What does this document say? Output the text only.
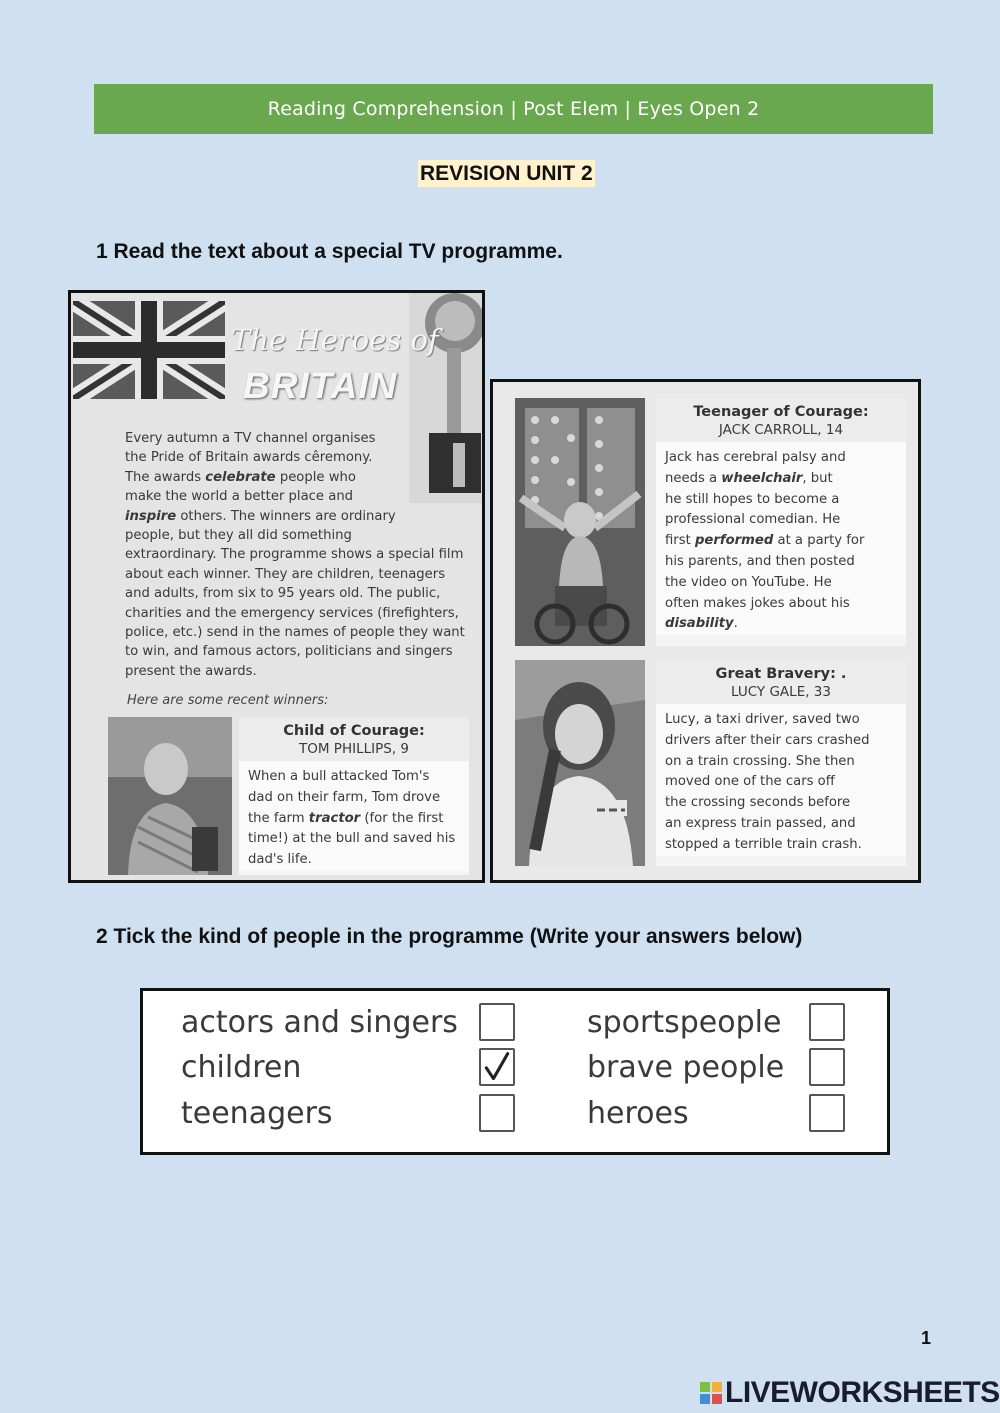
Reading Comprehension | Post Elem | Eyes Open 2
REVISION UNIT 2
1 Read the text about a special TV programme.
The Heroes of
BRITAIN
Every autumn a TV channel organises
the Pride of Britain awards cêremony.
The awards celebrate people who
make the world a better place and
inspire others. The winners are ordinary
people, but they all did something
extraordinary. The programme shows a special film
about each winner. They are children, teenagers
and adults, from six to 95 years old. The public,
charities and the emergency services (firefighters,
police, etc.) send in the names of people they want
to win, and famous actors, politicians and singers
present the awards.
Here are some recent winners:
Child of Courage:
TOM PHILLIPS, 9
When a bull attacked Tom's
dad on their farm, Tom drove
the farm tractor (for the first
time!) at the bull and saved his
dad's life.
Teenager of Courage:
JACK CARROLL, 14
Jack has cerebral palsy and
needs a wheelchair, but
he still hopes to become a
professional comedian. He
first performed at a party for
his parents, and then posted
the video on YouTube. He
often makes jokes about his
disability.
Great Bravery: .
LUCY GALE, 33
Lucy, a taxi driver, saved two
drivers after their cars crashed
on a train crossing. She then
moved one of the cars off
the crossing seconds before
an express train passed, and
stopped a terrible train crash.
2 Tick the kind of people in the programme (Write your answers below)
actors and singers	sportspeople
children	brave people
teenagers	heroes
1
LIVEWORKSHEETS
